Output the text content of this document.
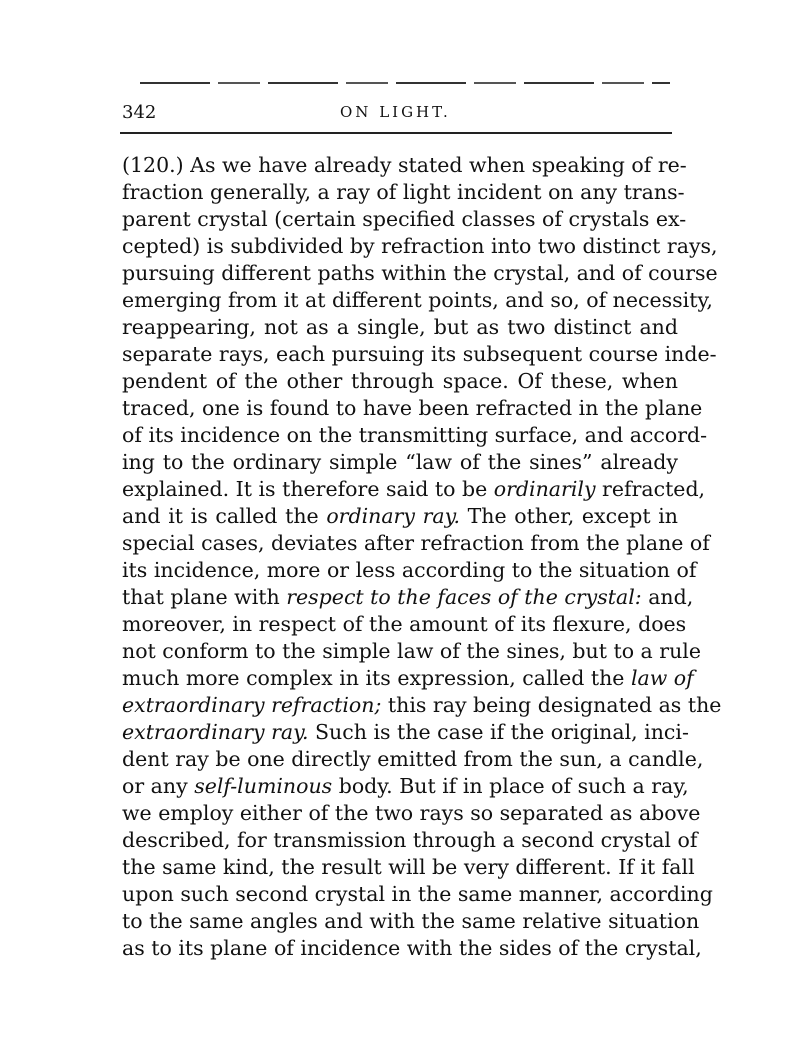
342	ON LIGHT.
(120.) As we have already stated when speaking of re-
fraction generally, a ray of light incident on any trans-
parent crystal (certain specified classes of crystals ex-
cepted) is subdivided by refraction into two distinct rays,
pursuing different paths within the crystal, and of course
emerging from it at different points, and so, of necessity,
reappearing, not as a single, but as two distinct and
separate rays, each pursuing its subsequent course inde-
pendent of the other through space. Of these, when
traced, one is found to have been refracted in the plane
of its incidence on the transmitting surface, and accord-
ing to the ordinary simple “law of the sines” already
explained. It is therefore said to be ordinarily refracted,
and it is called the ordinary ray. The other, except in
special cases, deviates after refraction from the plane of
its incidence, more or less according to the situation of
that plane with respect to the faces of the crystal: and,
moreover, in respect of the amount of its flexure, does
not conform to the simple law of the sines, but to a rule
much more complex in its expression, called the law of
extraordinary refraction; this ray being designated as the
extraordinary ray. Such is the case if the original, inci-
dent ray be one directly emitted from the sun, a candle,
or any self-luminous body. But if in place of such a ray,
we employ either of the two rays so separated as above
described, for transmission through a second crystal of
the same kind, the result will be very different. If it fall
upon such second crystal in the same manner, according
to the same angles and with the same relative situation
as to its plane of incidence with the sides of the crystal,
